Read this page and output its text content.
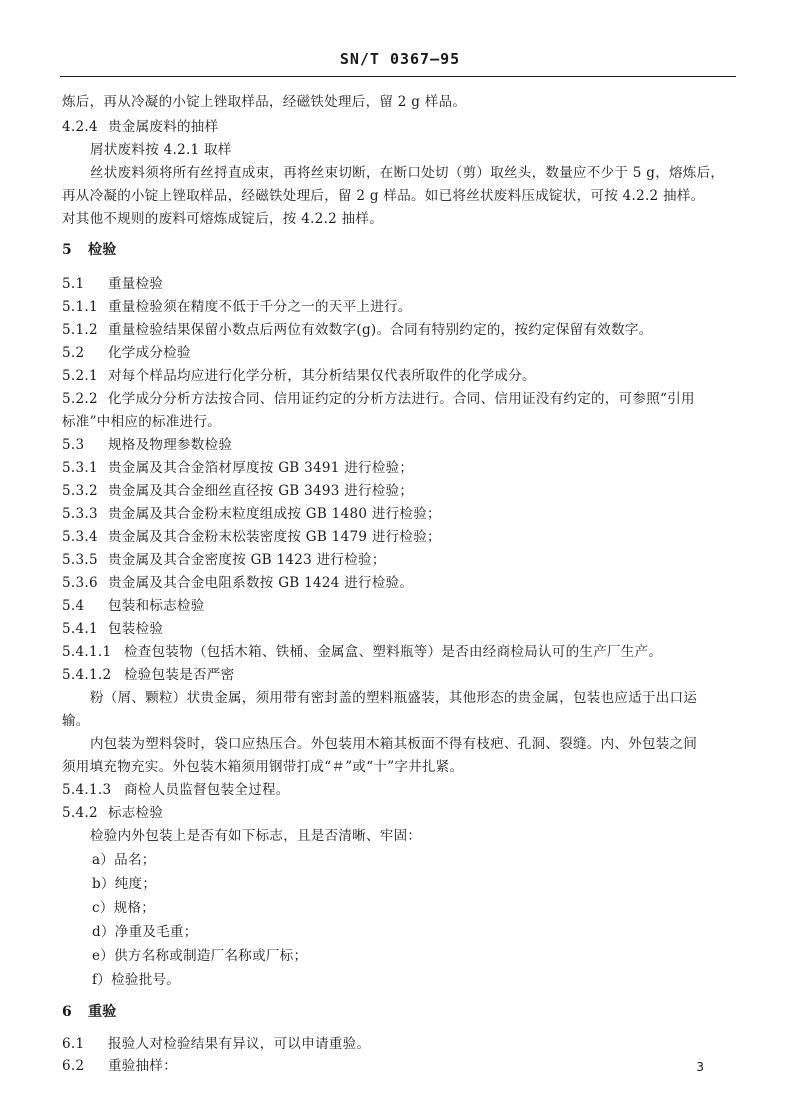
SN/T 0367—95
炼后，再从冷凝的小锭上锉取样品，经磁铁处理后，留 2 g 样品。
4.2.4 贵金属废料的抽样
屑状废料按 4.2.1 取样
丝状废料须将所有丝捋直成束，再将丝束切断，在断口处切（剪）取丝头，数量应不少于 5 g，熔炼后，
再从冷凝的小锭上锉取样品，经磁铁处理后，留 2 g 样品。如已将丝状废料压成锭状，可按 4.2.2 抽样。
对其他不规则的废料可熔炼成锭后，按 4.2.2 抽样。
5 检验
5.1 重量检验
5.1.1 重量检验须在精度不低于千分之一的天平上进行。
5.1.2 重量检验结果保留小数点后两位有效数字(g)。合同有特别约定的，按约定保留有效数字。
5.2 化学成分检验
5.2.1 对每个样品均应进行化学分析，其分析结果仅代表所取件的化学成分。
5.2.2 化学成分分析方法按合同、信用证约定的分析方法进行。合同、信用证没有约定的，可参照“引用
标准”中相应的标准进行。
5.3 规格及物理参数检验
5.3.1 贵金属及其合金箔材厚度按 GB 3491 进行检验；
5.3.2 贵金属及其合金细丝直径按 GB 3493 进行检验；
5.3.3 贵金属及其合金粉末粒度组成按 GB 1480 进行检验；
5.3.4 贵金属及其合金粉末松装密度按 GB 1479 进行检验；
5.3.5 贵金属及其合金密度按 GB 1423 进行检验；
5.3.6 贵金属及其合金电阻系数按 GB 1424 进行检验。
5.4 包装和标志检验
5.4.1 包装检验
5.4.1.1 检查包装物（包括木箱、铁桶、金属盒、塑料瓶等）是否由经商检局认可的生产厂生产。
5.4.1.2 检验包装是否严密
粉（屑、颗粒）状贵金属，须用带有密封盖的塑料瓶盛装，其他形态的贵金属，包装也应适于出口运
输。
内包装为塑料袋时，袋口应热压合。外包装用木箱其板面不得有枝疤、孔洞、裂缝。内、外包装之间
须用填充物充实。外包装木箱须用钢带打成“＃”或“十”字井扎紧。
5.4.1.3 商检人员监督包装全过程。
5.4.2 标志检验
检验内外包装上是否有如下标志，且是否清晰、牢固：
a）品名；
b）纯度；
c）规格；
d）净重及毛重；
e）供方名称或制造厂名称或厂标；
f）检验批号。
6 重验
6.1 报验人对检验结果有异议，可以申请重验。
6.2 重验抽样：	3
